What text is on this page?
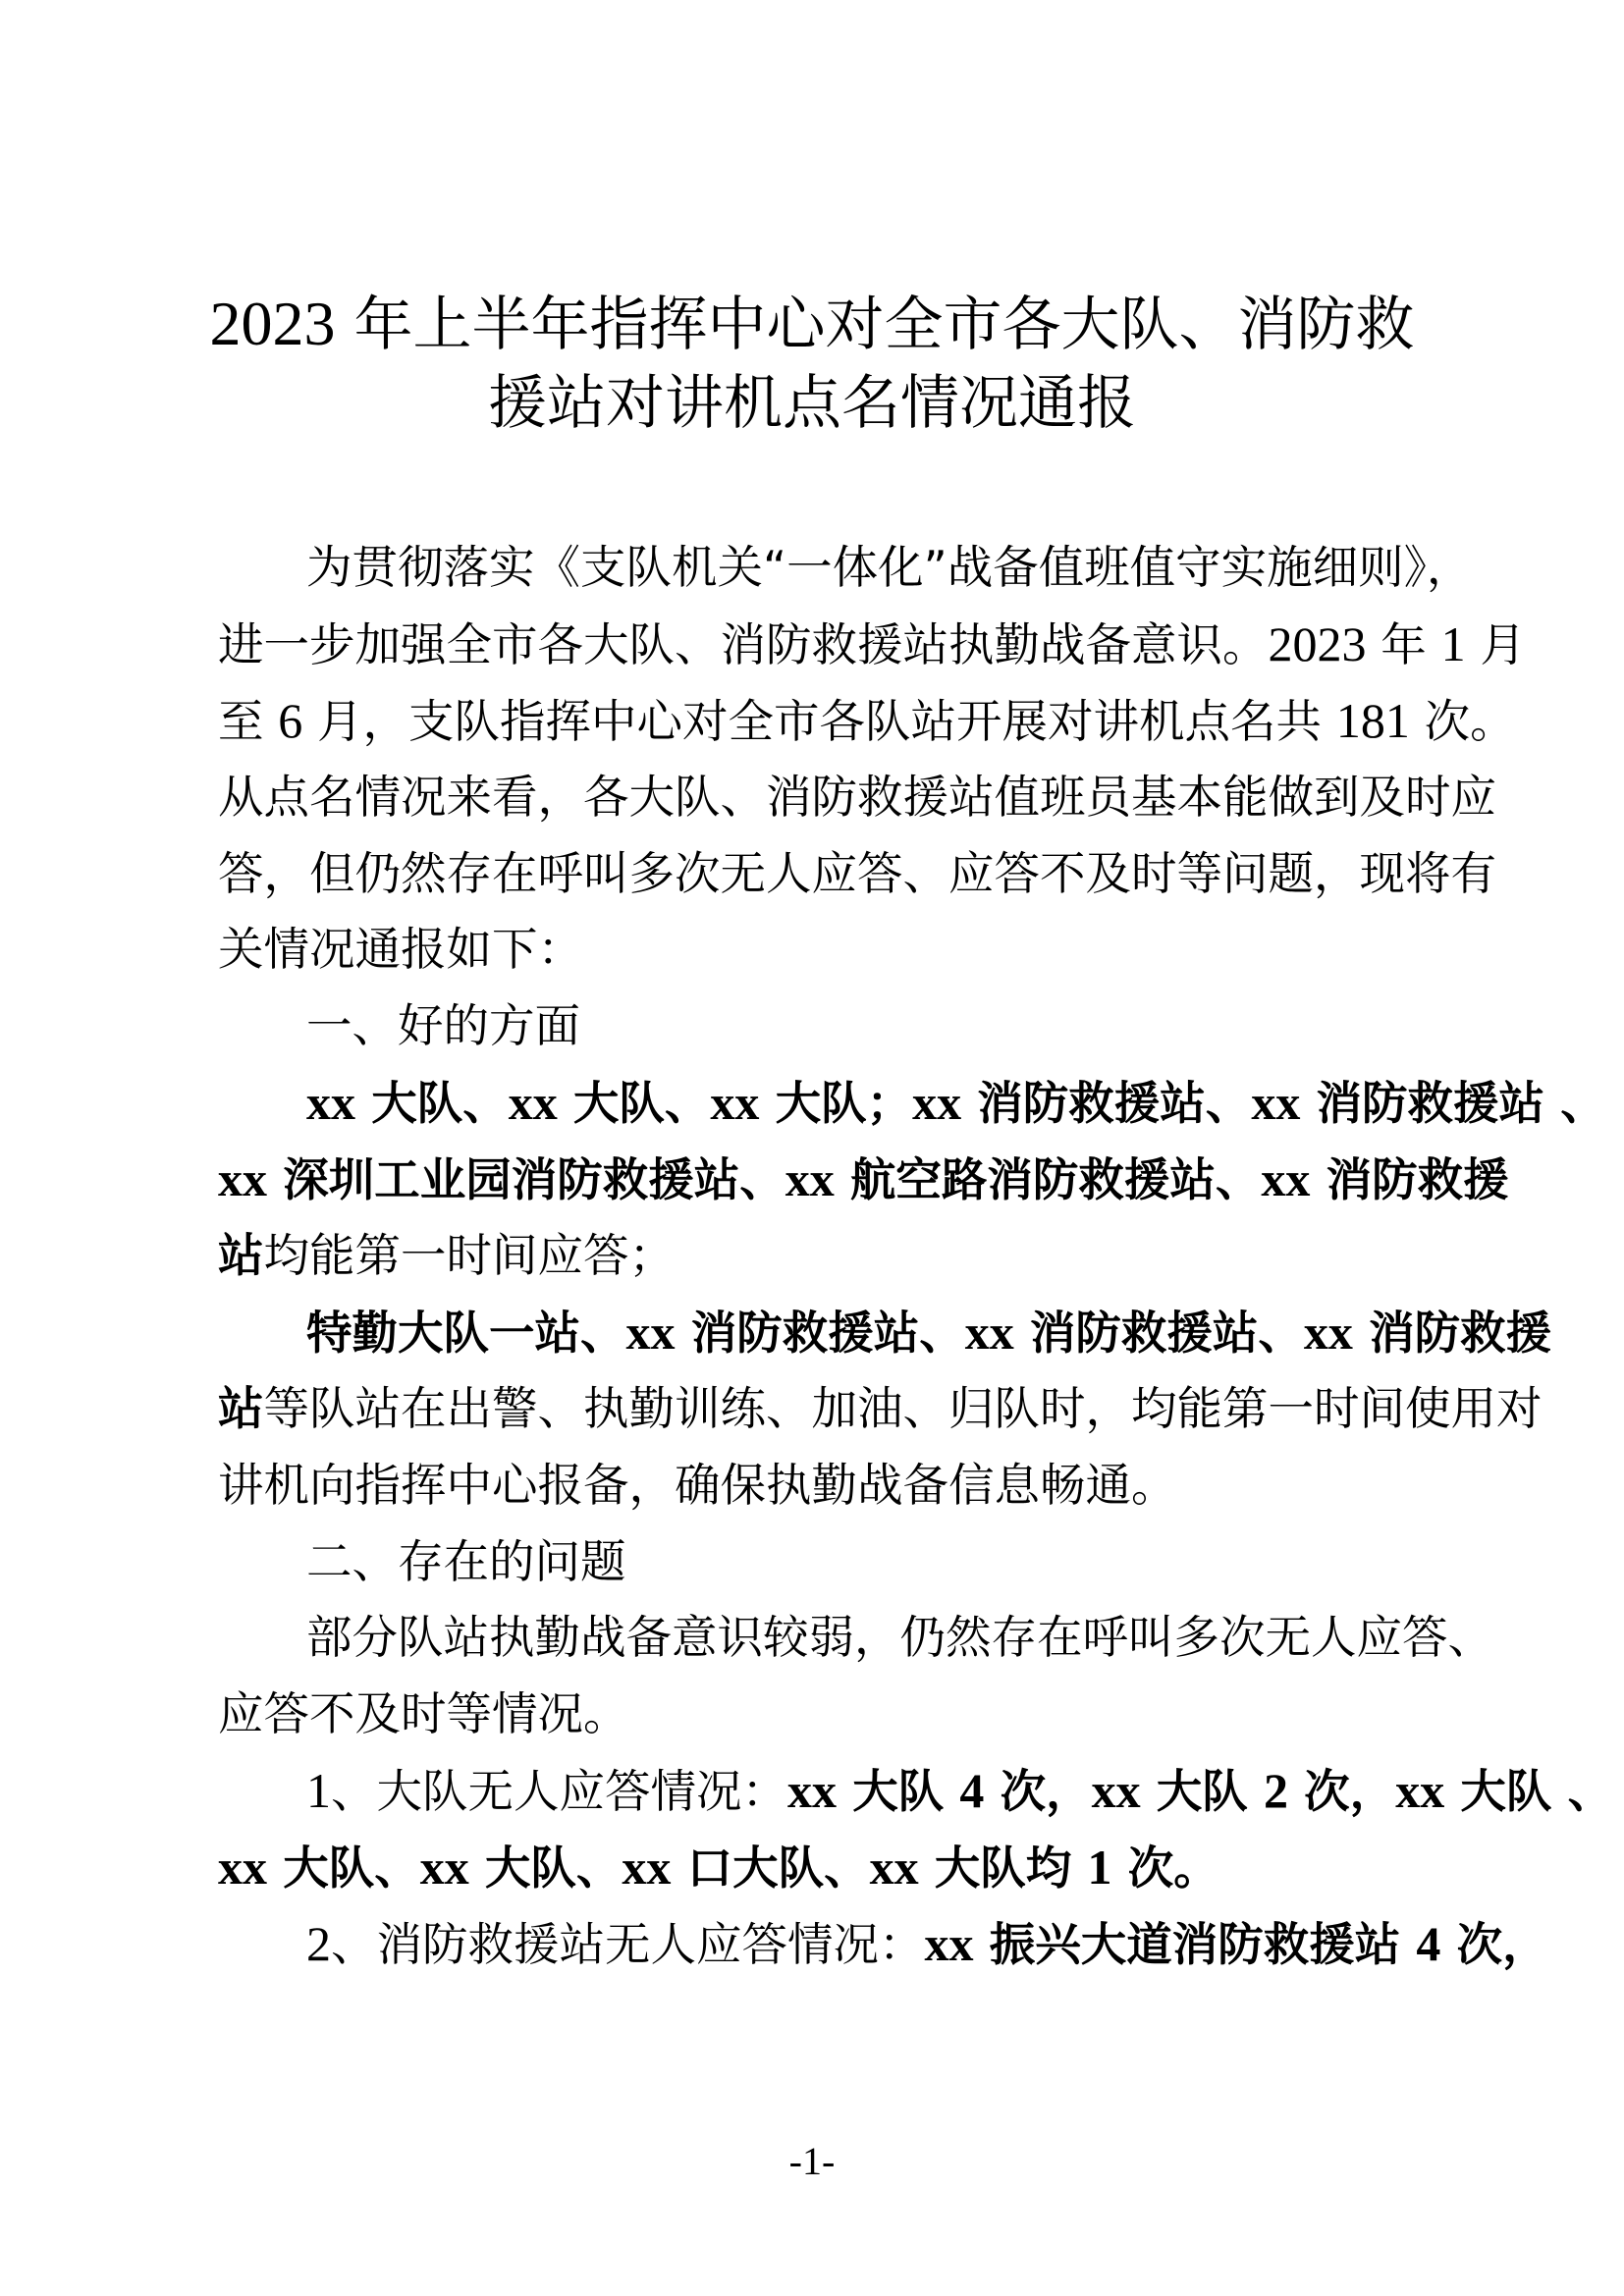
2023 年上半年指挥中心对全市各大队、消防救
援站对讲机点名情况通报
为贯彻落实《支队机关“一体化”战备值班值守实施细则》，
进一步加强全市各大队、消防救援站执勤战备意识。2023 年 1 月
至 6 月，支队指挥中心对全市各队站开展对讲机点名共 181 次。
从点名情况来看，各大队、消防救援站值班员基本能做到及时应
答，但仍然存在呼叫多次无人应答、应答不及时等问题，现将有
关情况通报如下：
一、好的方面
xx 大队、xx 大队、xx 大队；xx 消防救援站、xx 消防救援站 、
xx 深圳工业园消防救援站、xx 航空路消防救援站、xx 消防救援
站均能第一时间应答；
特勤大队一站、xx 消防救援站、xx 消防救援站、xx 消防救援
站等队站在出警、执勤训练、加油、归队时，均能第一时间使用对
讲机向指挥中心报备，确保执勤战备信息畅通。
二、存在的问题
部分队站执勤战备意识较弱，仍然存在呼叫多次无人应答、
应答不及时等情况。
1、大队无人应答情况：xx 大队 4 次，xx 大队 2 次，xx 大队 、
xx 大队、xx 大队、xx 口大队、xx 大队均 1 次。
2、消防救援站无人应答情况：xx 振兴大道消防救援站 4 次，
-1-
